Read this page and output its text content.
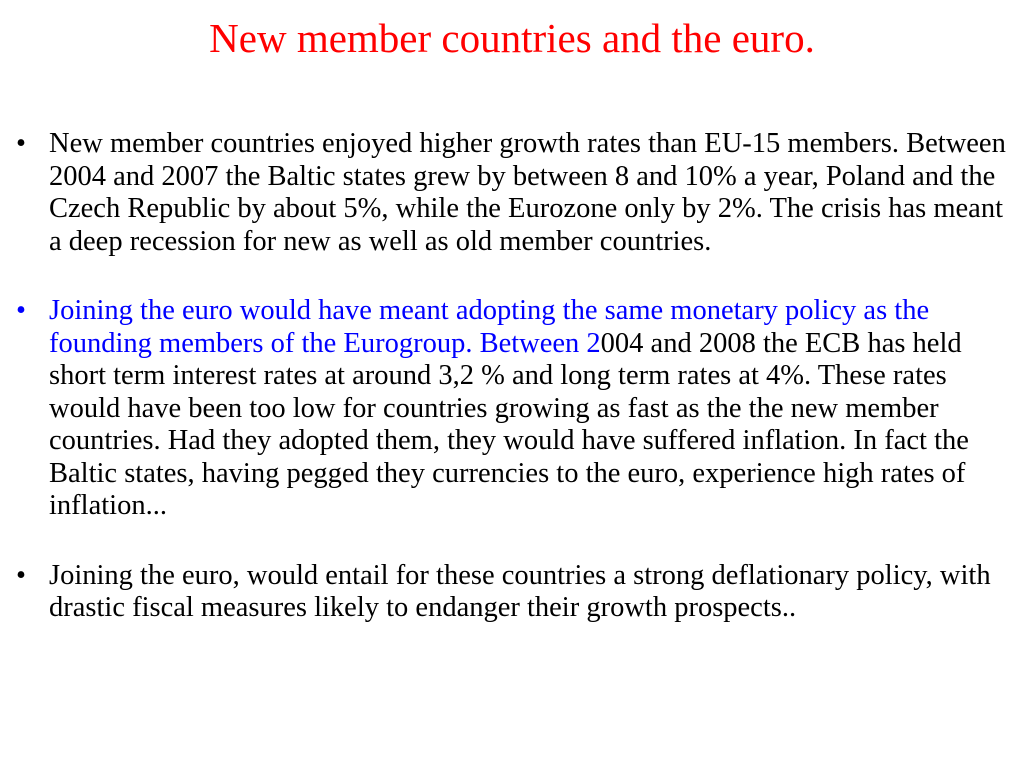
New member countries and the euro.
• New member countries enjoyed higher growth rates than EU-15 members. Between 2004 and 2007 the Baltic states grew by between 8 and 10% a year, Poland and the Czech Republic by about 5%, while the Eurozone only by 2%. The crisis has meant a deep recession for new as well as old member countries.
• Joining the euro would have meant adopting the same monetary policy as the founding members of the Eurogroup. Between 2004 and 2008 the ECB has held short term interest rates at around 3,2 % and long term rates at 4%. These rates would have been too low for countries growing as fast as the the new member countries. Had they adopted them, they would have suffered inflation. In fact the Baltic states, having pegged they currencies to the euro, experience high rates of inflation...
• Joining the euro, would entail for these countries a strong deflationary policy, with drastic fiscal measures likely to endanger their growth prospects..
